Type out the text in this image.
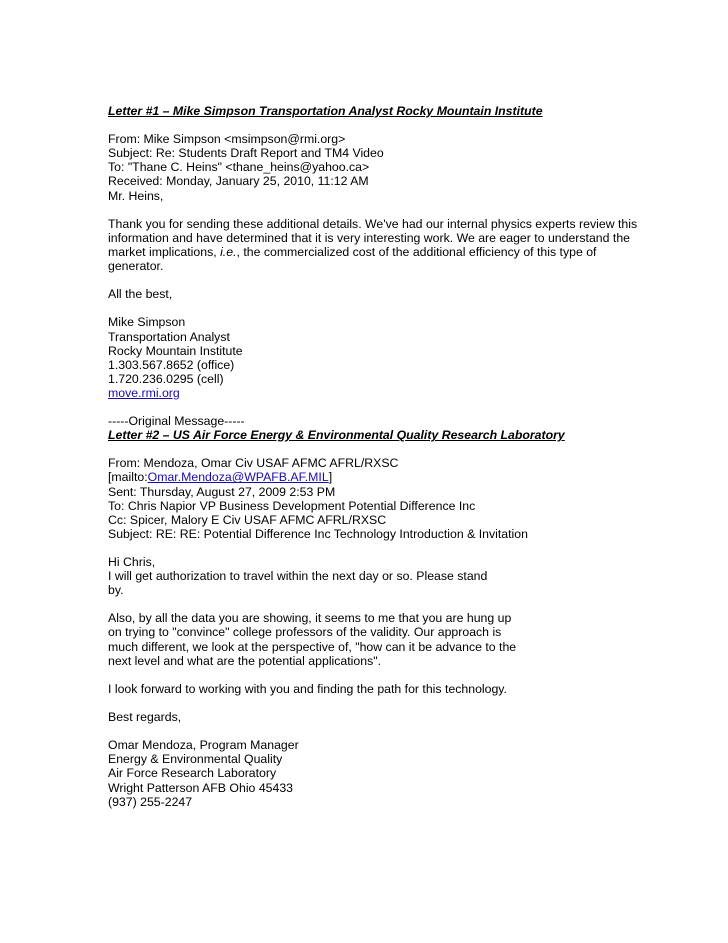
Letter #1 – Mike Simpson Transportation Analyst Rocky Mountain Institute
From: Mike Simpson <msimpson@rmi.org>
Subject: Re: Students Draft Report and TM4 Video
To: "Thane C. Heins" <thane_heins@yahoo.ca>
Received: Monday, January 25, 2010, 11:12 AM
Mr. Heins,
Thank you for sending these additional details. We've had our internal physics experts review this
information and have determined that it is very interesting work. We are eager to understand the
market implications, i.e., the commercialized cost of the additional efficiency of this type of
generator.
All the best,
Mike Simpson
Transportation Analyst
Rocky Mountain Institute
1.303.567.8652 (office)
1.720.236.0295 (cell)
move.rmi.org
-----Original Message-----
Letter #2 – US Air Force Energy & Environmental Quality Research Laboratory
From: Mendoza, Omar Civ USAF AFMC AFRL/RXSC
[mailto:Omar.Mendoza@WPAFB.AF.MIL]
Sent: Thursday, August 27, 2009 2:53 PM
To: Chris Napior VP Business Development Potential Difference Inc
Cc: Spicer, Malory E Civ USAF AFMC AFRL/RXSC
Subject: RE: RE: Potential Difference Inc Technology Introduction & Invitation
Hi Chris,
I will get authorization to travel within the next day or so. Please stand
by.
Also, by all the data you are showing, it seems to me that you are hung up
on trying to "convince" college professors of the validity. Our approach is
much different, we look at the perspective of, "how can it be advance to the
next level and what are the potential applications".
I look forward to working with you and finding the path for this technology.
Best regards,
Omar Mendoza, Program Manager
Energy & Environmental Quality
Air Force Research Laboratory
Wright Patterson AFB Ohio 45433
(937) 255-2247
